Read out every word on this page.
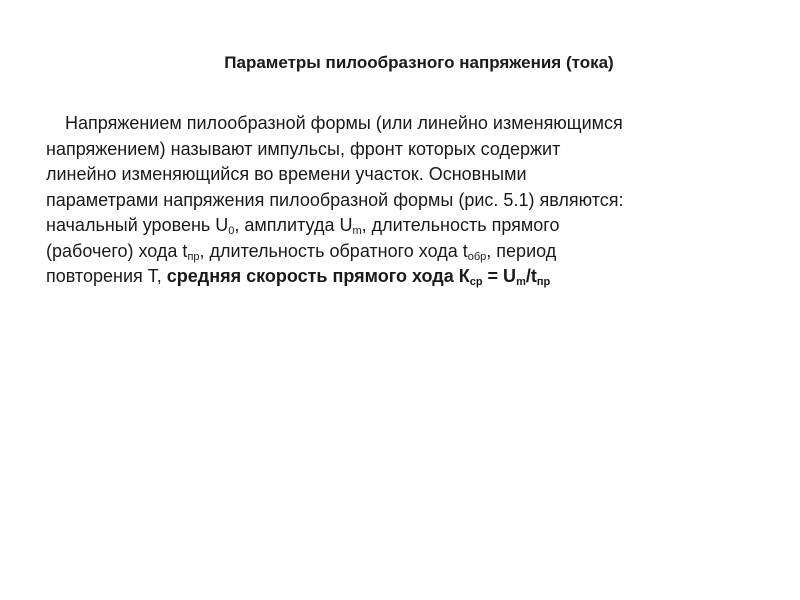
Параметры пилообразного напряжения (тока)
Напряжением пилообразной формы (или линейно изменяющимся
напряжением) называют импульсы, фронт которых содержит
линейно изменяющийся во времени участок. Основными
параметрами напряжения пилообразной формы (рис. 5.1) являются:
начальный уровень $U_0$, амплитуда $U_m$, длительность прямого
(рабочего) хода $t_{пр}$, длительность обратного хода $t_{обр}$, период
повторения Т, средняя скорость прямого хода $К_{ср} = U_m/t_{пр}$
